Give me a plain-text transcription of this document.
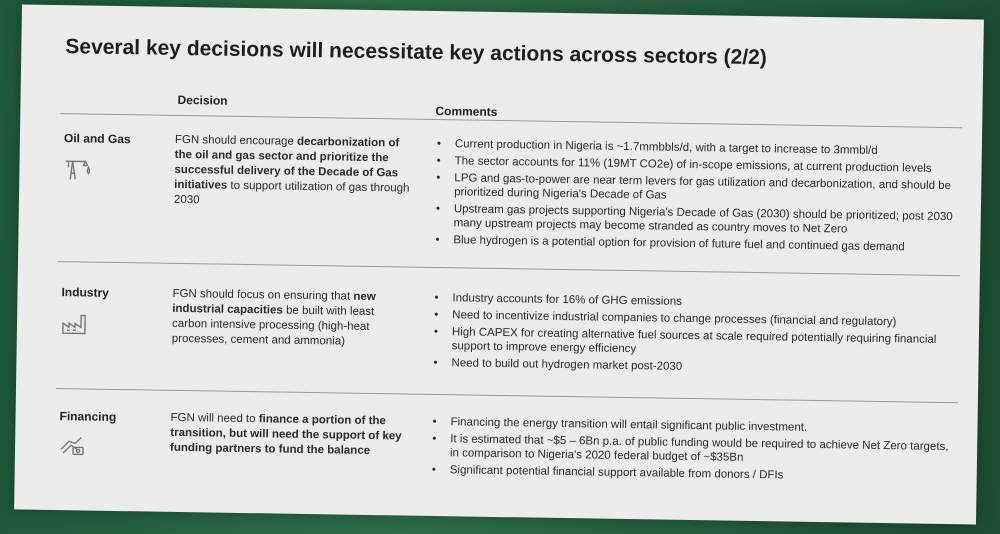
Several key decisions will necessitate key actions across sectors (2/2)
Decision
Comments
Oil and Gas	FGN should encourage decarbonization of the oil and gas sector and prioritize the successful delivery of the Decade of Gas initiatives to support utilization of gas through 2030
• Current production in Nigeria is ~1.7mmbbls/d, with a target to increase to 3mmbl/d
• The sector accounts for 11% (19MT CO2e) of in-scope emissions, at current production levels
• LPG and gas-to-power are near term levers for gas utilization and decarbonization, and should be prioritized during Nigeria's Decade of Gas
• Upstream gas projects supporting Nigeria's Decade of Gas (2030) should be prioritized; post 2030 many upstream projects may become stranded as country moves to Net Zero
• Blue hydrogen is a potential option for provision of future fuel and continued gas demand
Industry	FGN should focus on ensuring that new industrial capacities be built with least carbon intensive processing (high-heat processes, cement and ammonia)
• Industry accounts for 16% of GHG emissions
• Need to incentivize industrial companies to change processes (financial and regulatory)
• High CAPEX for creating alternative fuel sources at scale required potentially requiring financial support to improve energy efficiency
• Need to build out hydrogen market post-2030
Financing	FGN will need to finance a portion of the transition, but will need the support of key funding partners to fund the balance
• Financing the energy transition will entail significant public investment.
• It is estimated that ~$5 – 6Bn p.a. of public funding would be required to achieve Net Zero targets, in comparison to Nigeria's 2020 federal budget of ~$35Bn
• Significant potential financial support available from donors / DFIs
